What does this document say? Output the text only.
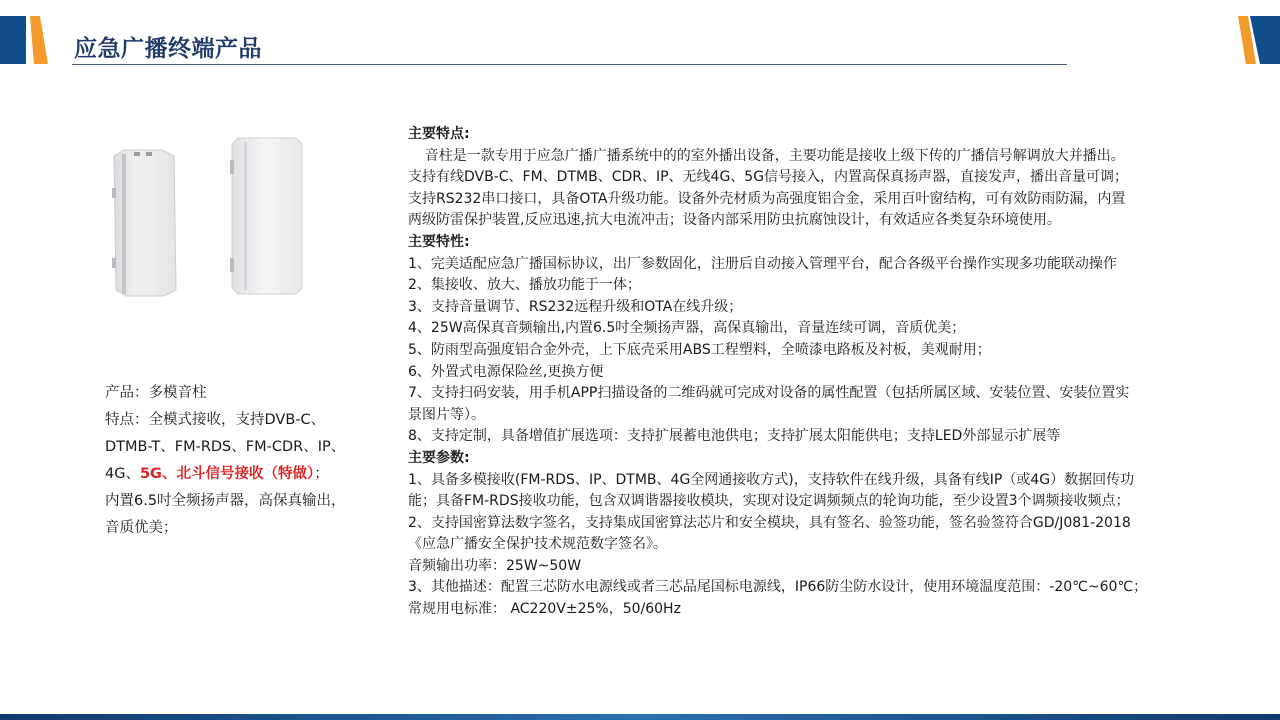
应急广播终端产品
产品：多模音柱
特点：全模式接收，支持DVB-C、
DTMB-T、FM-RDS、FM-CDR、IP、
4G、5G、北斗信号接收（特做）；
内置6.5吋全频扬声器，高保真输出，
音质优美；

主要特点:

音柱是一款专用于应急广播广播系统中的的室外播出设备，主要功能是接收上级下传的广播信号解调放大并播出。

支持有线DVB-C、FM、DTMB、CDR、IP、无线4G、5G信号接入，内置高保真扬声器，直接发声，播出音量可调；

支持RS232串口接口，具备OTA升级功能。设备外壳材质为高强度铝合金，采用百叶窗结构，可有效防雨防漏，内置

两级防雷保护装置,反应迅速,抗大电流冲击；设备内部采用防虫抗腐蚀设计，有效适应各类复杂环境使用。

主要特性:

1、完美适配应急广播国标协议，出厂参数固化，注册后自动接入管理平台，配合各级平台操作实现多功能联动操作

2、集接收、放大、播放功能于一体；

3、支持音量调节、RS232远程升级和OTA在线升级；

4、25W高保真音频输出,内置6.5吋全频扬声器，高保真输出，音量连续可调，音质优美；

5、防雨型高强度铝合金外壳，上下底壳采用ABS工程塑料，全喷漆电路板及衬板，美观耐用；

6、外置式电源保险丝,更换方便

7、支持扫码安装，用手机APP扫描设备的二维码就可完成对设备的属性配置（包括所属区域、安装位置、安装位置实

景图片等）。

8、支持定制，具备增值扩展选项：支持扩展蓄电池供电；支持扩展太阳能供电；支持LED外部显示扩展等

主要参数:

1、具备多模接收(FM-RDS、IP、DTMB、4G全网通接收方式)，支持软件在线升级，具备有线IP（或4G）数据回传功

能；具备FM-RDS接收功能，包含双调谐器接收模块，实现对设定调频频点的轮询功能，至少设置3个调频接收频点；

2、支持国密算法数字签名，支持集成国密算法芯片和安全模块，具有签名、验签功能，签名验签符合GD/J081-2018

《应急广播安全保护技术规范数字签名》。

音频输出功率：25W~50W

3、其他描述：配置三芯防水电源线或者三芯品尾国标电源线，IP66防尘防水设计，使用环境温度范围：-20℃~60℃；

常规用电标准： AC220V±25%，50/60Hz
